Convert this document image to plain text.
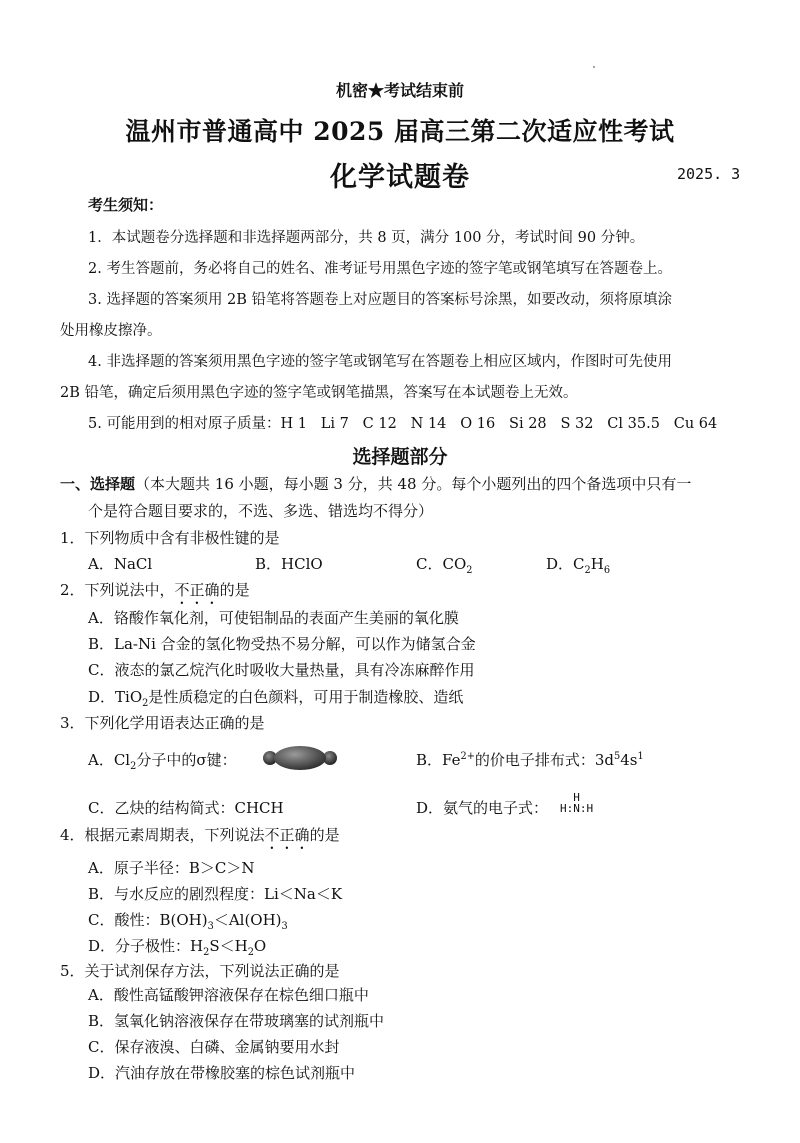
机密★考试结束前
温州市普通高中 2025 届高三第二次适应性考试
化学试题卷	2025. 3
考生须知：
1．本试题卷分选择题和非选择题两部分，共 8 页，满分 100 分，考试时间 90 分钟。
2. 考生答题前，务必将自己的姓名、准考证号用黑色字迹的签字笔或钢笔填写在答题卷上。
3. 选择题的答案须用 2B 铅笔将答题卷上对应题目的答案标号涂黑，如要改动，须将原填涂
处用橡皮擦净。
4. 非选择题的答案须用黑色字迹的签字笔或钢笔写在答题卷上相应区域内，作图时可先使用
2B 铅笔，确定后须用黑色字迹的签字笔或钢笔描黑，答案写在本试题卷上无效。
5. 可能用到的相对原子质量：H 1   Li 7   C 12   N 14   O 16   Si 28   S 32   Cl 35.5   Cu 64
选择题部分
一、选择题（本大题共 16 小题，每小题 3 分，共 48 分。每个小题列出的四个备选项中只有一
个是符合题目要求的，不选、多选、错选均不得分）
1．下列物质中含有非极性键的是
A．NaCl	B．HClO	C．$CO_2$	D．$C_2H_6$
2．下列说法中，不正确的是
A．铬酸作氧化剂，可使铝制品的表面产生美丽的氧化膜
B．La-Ni 合金的氢化物受热不易分解，可以作为储氢合金
C．液态的氯乙烷汽化时吸收大量热量，具有冷冻麻醉作用
D．TiO$_2$是性质稳定的白色颜料，可用于制造橡胶、造纸
3．下列化学用语表达正确的是
A．$Cl_2$分子中的σ键：	B．$Fe^{2+}$的价电子排布式：$3d^54s^1$
C．乙炔的结构简式：CHCH	D．氨气的电子式：
H
H:N:H
4．根据元素周期表，下列说法不正确的是
A．原子半径：B＞C＞N
B．与水反应的剧烈程度：Li＜Na＜K
C．酸性：$B(OH)_3<Al(OH)_3$
D．分子极性：$H_2S<H_2O$
5．关于试剂保存方法，下列说法正确的是
A．酸性高锰酸钾溶液保存在棕色细口瓶中
B．氢氧化钠溶液保存在带玻璃塞的试剂瓶中
C．保存液溴、白磷、金属钠要用水封
D．汽油存放在带橡胶塞的棕色试剂瓶中
